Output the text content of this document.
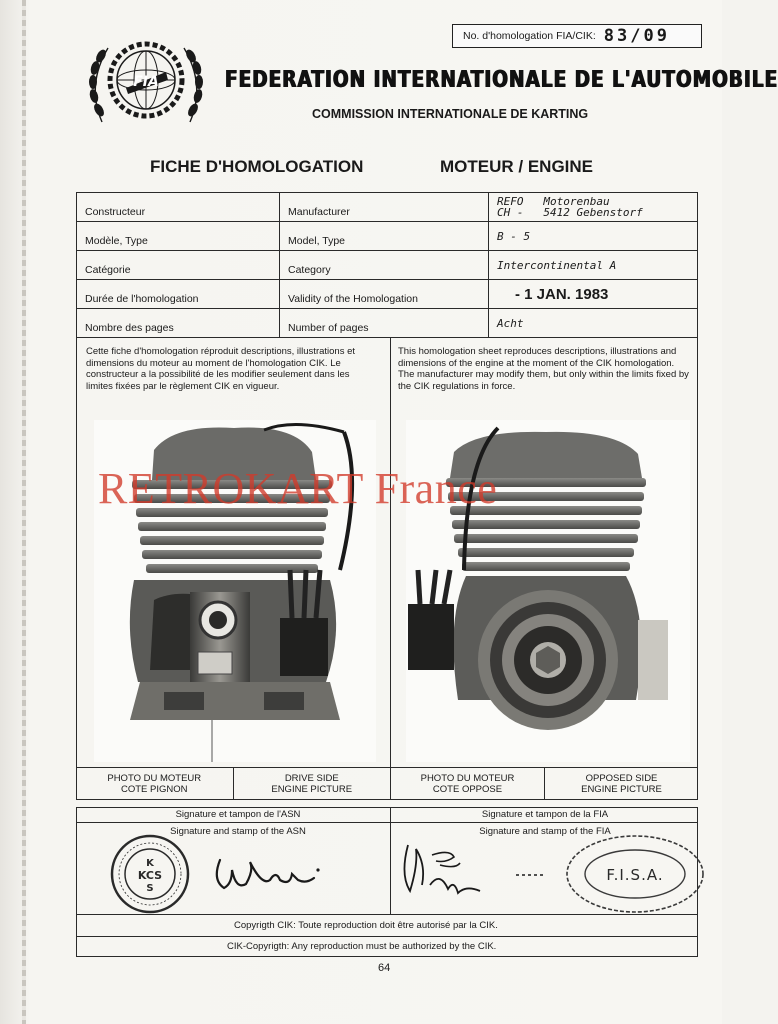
No. d'homologation FIA/CIK: 83/09
FIA	FEDERATION INTERNATIONALE DE L'AUTOMOBILE
COMMISSION INTERNATIONALE DE KARTING
FICHE D'HOMOLOGATION	MOTEUR / ENGINE
Constructeur	Manufacturer	REFO   Motorenbau
CH -   5412 Gebenstorf

Modèle, Type	Model, Type	B - 5
Catégorie	Category	Intercontinental A
Durée de l'homologation	Validity of the Homologation	- 1 JAN. 1983
Nombre des pages	Number of pages	Acht
Cette fiche d'homologation réproduit descriptions, illustrations et dimensions du moteur au moment de l'homologation CIK. Le constructeur a la possibilité de les modifier seulement dans les limites fixées par le règlement CIK en vigueur.
This homologation sheet reproduces descriptions, illustrations and dimensions of the engine at the moment of the CIK homologation. The manufacturer may modify them, but only within the limits fixed by the CIK regulations in force.
RETROKART France
PHOTO DU MOTEUR
COTE PIGNON
DRIVE SIDE
ENGINE PICTURE
PHOTO DU MOTEUR
COTE OPPOSE
OPPOSED SIDE
ENGINE PICTURE
Signature et tampon de l'ASN
Signature and stamp of the ASN
Signature et tampon de la FIA
Signature and stamp of the FIA
K
KCS
S
F.I.S.A.
Copyrigth CIK: Toute reproduction doit être autorisé par la CIK.
CIK-Copyrigth: Any reproduction must be authorized by the CIK.
64
